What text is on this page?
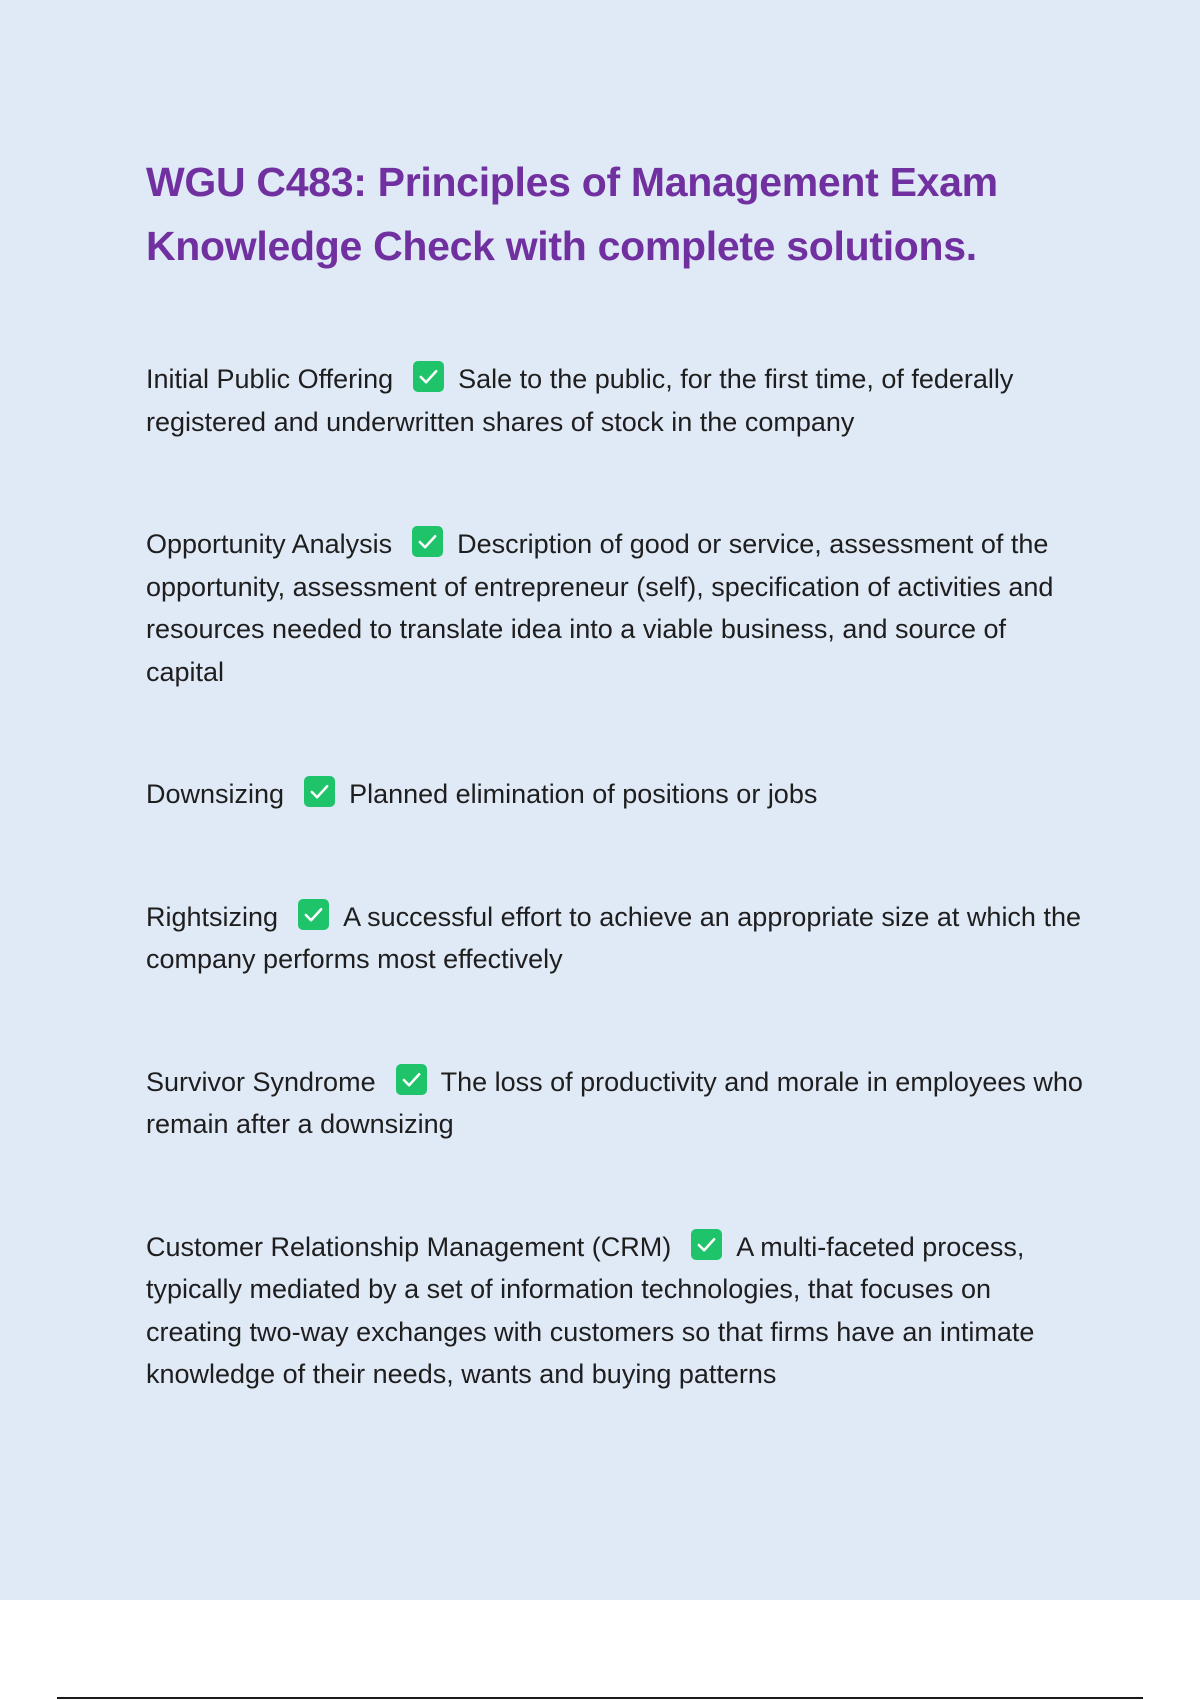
WGU C483: Principles of Management Exam Knowledge Check with complete solutions.

Initial Public Offering Sale to the public, for the first time, of federally registered and underwritten shares of stock in the company

Opportunity Analysis Description of good or service, assessment of the opportunity, assessment of entrepreneur (self), specification of activities and resources needed to translate idea into a viable business, and source of capital

Downsizing Planned elimination of positions or jobs

Rightsizing A successful effort to achieve an appropriate size at which the company performs most effectively

Survivor Syndrome The loss of productivity and morale in employees who remain after a downsizing

Customer Relationship Management (CRM) A multi-faceted process, typically mediated by a set of information technologies, that focuses on creating two-way exchanges with customers so that firms have an intimate knowledge of their needs, wants and buying patterns
